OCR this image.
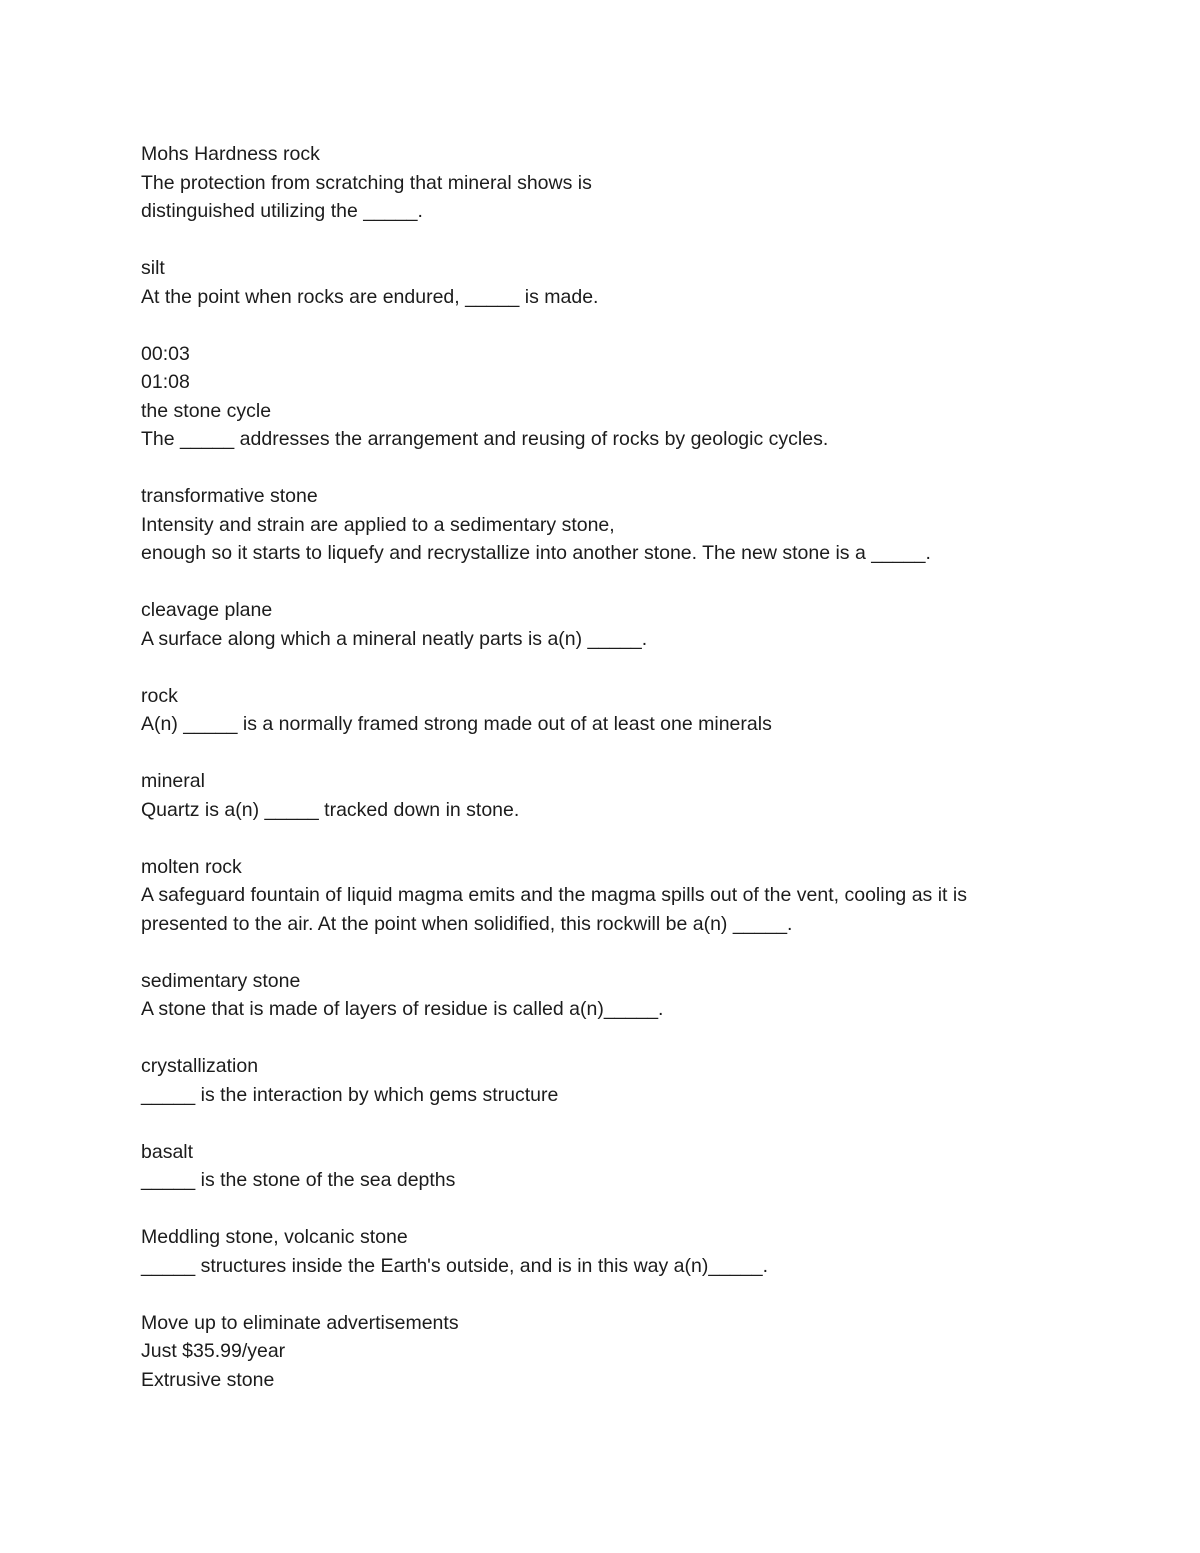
Mohs Hardness rock
The protection from scratching that mineral shows is
distinguished utilizing the _____.
silt
At the point when rocks are endured, _____ is made.
00:03
01:08
the stone cycle
The _____ addresses the arrangement and reusing of rocks by geologic cycles.
transformative stone
Intensity and strain are applied to a sedimentary stone,
enough so it starts to liquefy and recrystallize into another stone. The new stone is a _____.
cleavage plane
A surface along which a mineral neatly parts is a(n) _____.
rock
A(n) _____ is a normally framed strong made out of at least one minerals
mineral
Quartz is a(n) _____ tracked down in stone.
molten rock
A safeguard fountain of liquid magma emits and the magma spills out of the vent, cooling as it is
presented to the air. At the point when solidified, this rockwill be a(n) _____.
sedimentary stone
A stone that is made of layers of residue is called a(n)_____.
crystallization
_____ is the interaction by which gems structure
basalt
_____ is the stone of the sea depths
Meddling stone, volcanic stone
_____ structures inside the Earth's outside, and is in this way a(n)_____.
Move up to eliminate advertisements
Just $35.99/year
Extrusive stone
